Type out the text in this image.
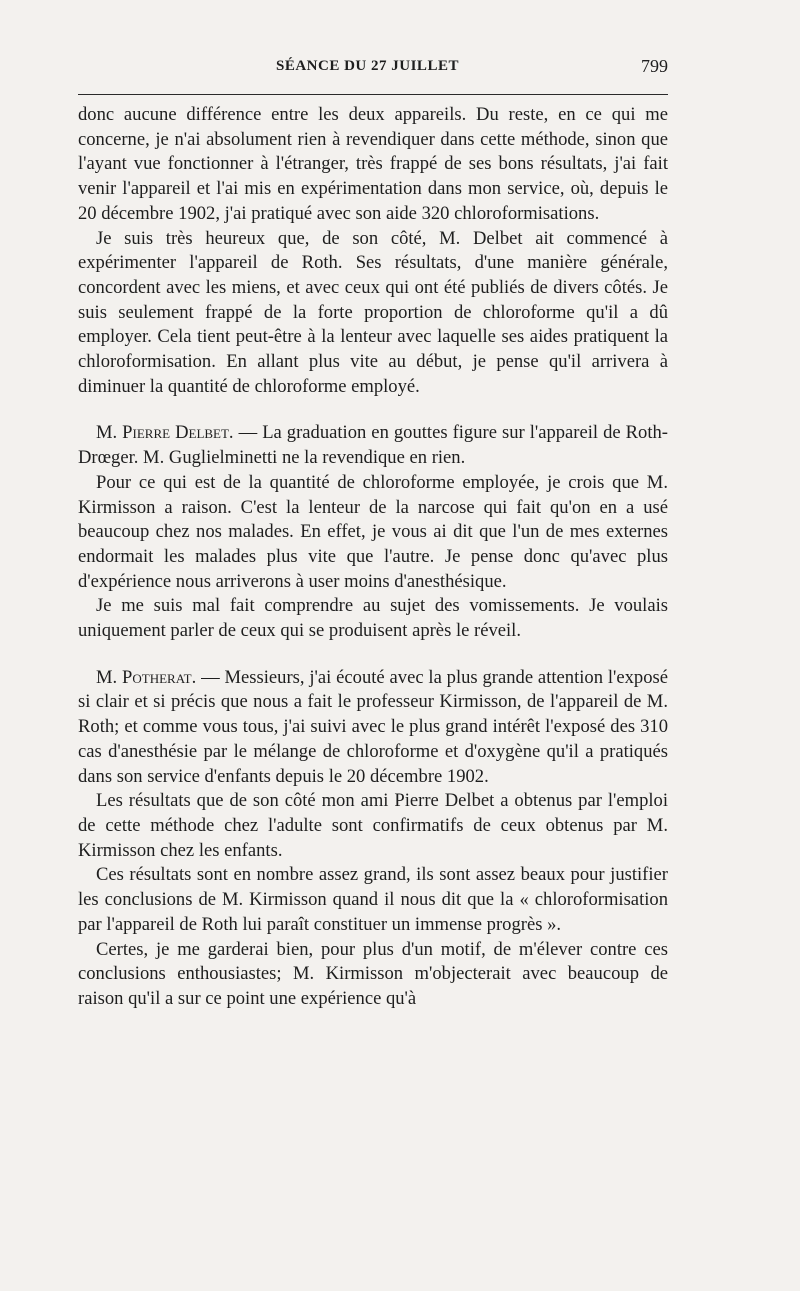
SÉANCE DU 27 JUILLET	799

donc aucune différence entre les deux appareils. Du reste, en ce qui me concerne, je n'ai absolument rien à revendiquer dans cette méthode, sinon que l'ayant vue fonctionner à l'étranger, très frappé de ses bons résultats, j'ai fait venir l'appareil et l'ai mis en expérimentation dans mon service, où, depuis le 20 décembre 1902, j'ai pratiqué avec son aide 320 chloroformisations.

Je suis très heureux que, de son côté, M. Delbet ait commencé à expérimenter l'appareil de Roth. Ses résultats, d'une manière générale, concordent avec les miens, et avec ceux qui ont été publiés de divers côtés. Je suis seulement frappé de la forte proportion de chloroforme qu'il a dû employer. Cela tient peut-être à la lenteur avec laquelle ses aides pratiquent la chloroformisation. En allant plus vite au début, je pense qu'il arrivera à diminuer la quantité de chloroforme employé.

M. Pierre Delbet. — La graduation en gouttes figure sur l'appareil de Roth-Drœger. M. Guglielminetti ne la revendique en rien.

Pour ce qui est de la quantité de chloroforme employée, je crois que M. Kirmisson a raison. C'est la lenteur de la narcose qui fait qu'on en a usé beaucoup chez nos malades. En effet, je vous ai dit que l'un de mes externes endormait les malades plus vite que l'autre. Je pense donc qu'avec plus d'expérience nous arriverons à user moins d'anesthésique.

Je me suis mal fait comprendre au sujet des vomissements. Je voulais uniquement parler de ceux qui se produisent après le réveil.

M. Potherat. — Messieurs, j'ai écouté avec la plus grande attention l'exposé si clair et si précis que nous a fait le professeur Kirmisson, de l'appareil de M. Roth; et comme vous tous, j'ai suivi avec le plus grand intérêt l'exposé des 310 cas d'anesthésie par le mélange de chloroforme et d'oxygène qu'il a pratiqués dans son service d'enfants depuis le 20 décembre 1902.

Les résultats que de son côté mon ami Pierre Delbet a obtenus par l'emploi de cette méthode chez l'adulte sont confirmatifs de ceux obtenus par M. Kirmisson chez les enfants.

Ces résultats sont en nombre assez grand, ils sont assez beaux pour justifier les conclusions de M. Kirmisson quand il nous dit que la « chloroformisation par l'appareil de Roth lui paraît constituer un immense progrès ».

Certes, je me garderai bien, pour plus d'un motif, de m'élever contre ces conclusions enthousiastes; M. Kirmisson m'objecterait avec beaucoup de raison qu'il a sur ce point une expérience qu'à
